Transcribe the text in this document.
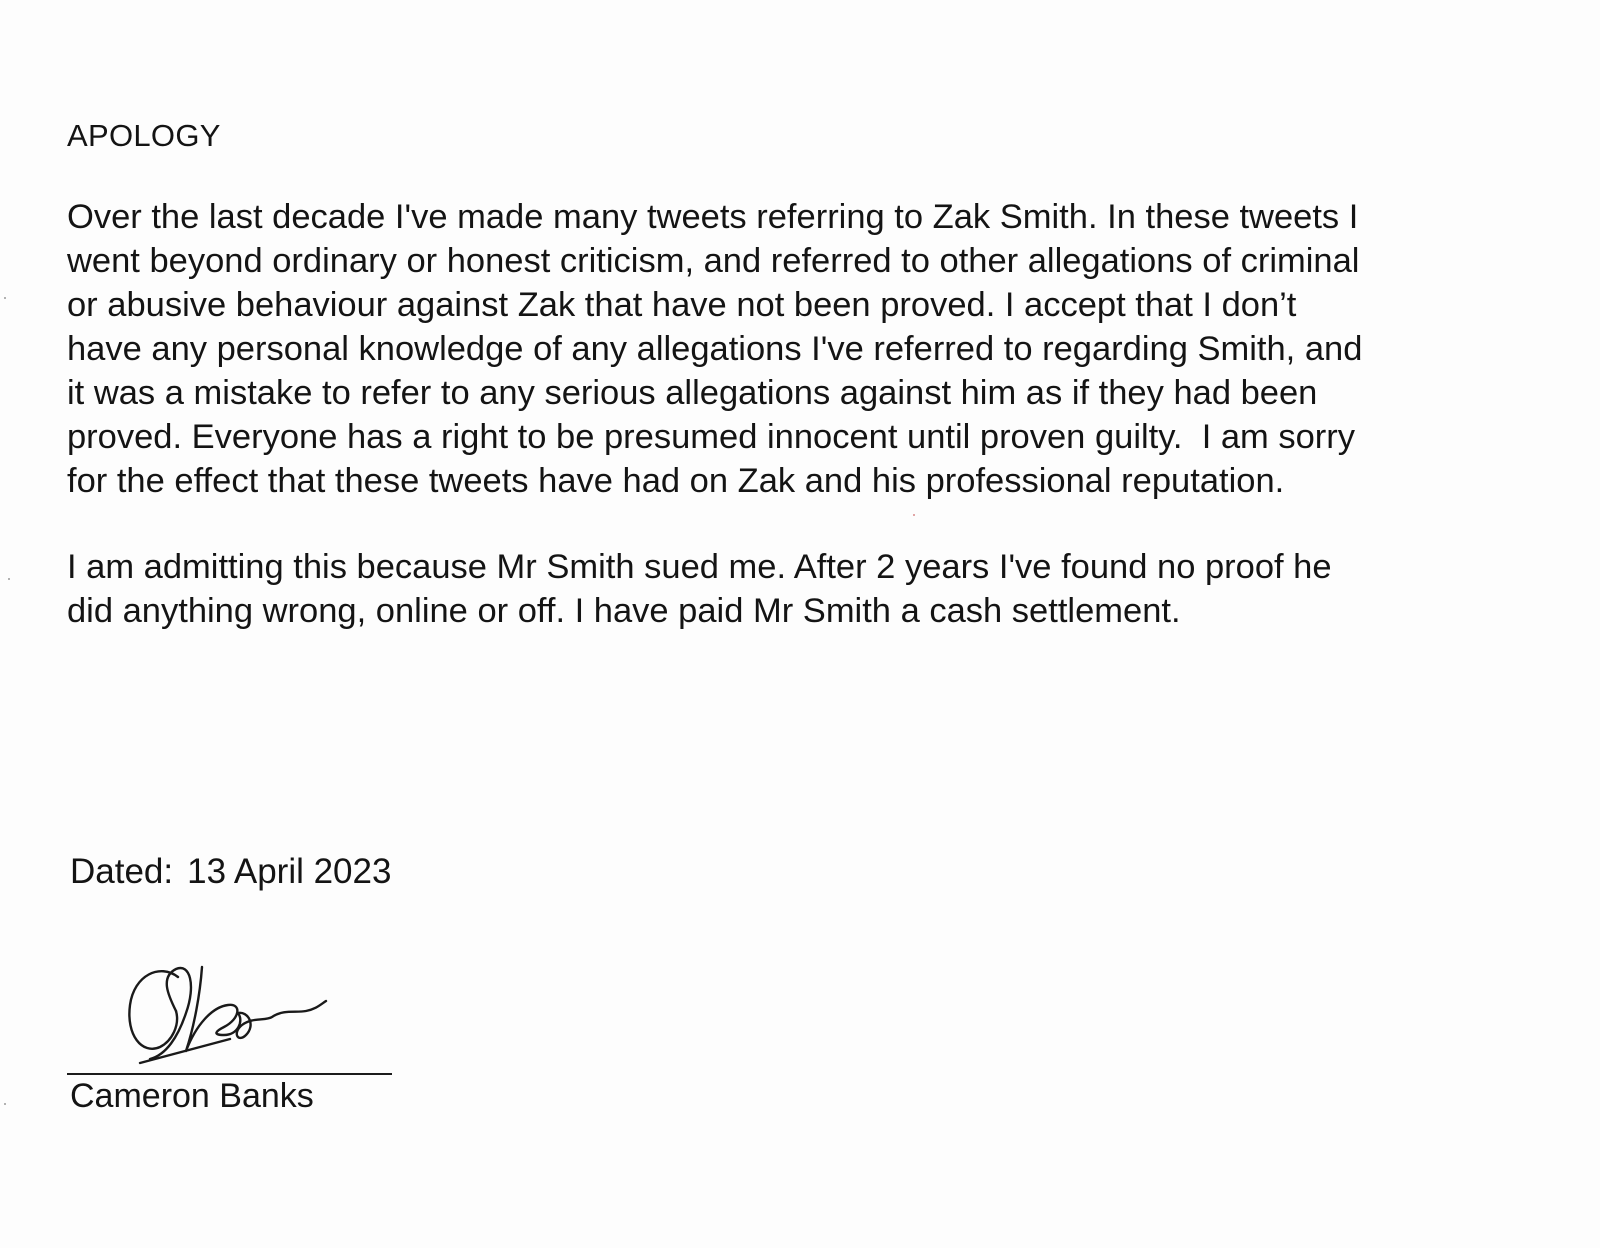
APOLOGY

Over the last decade I've made many tweets referring to Zak Smith. In these tweets I
went beyond ordinary or honest criticism, and referred to other allegations of criminal
or abusive behaviour against Zak that have not been proved. I accept that I don’t
have any personal knowledge of any allegations I've referred to regarding Smith, and
it was a mistake to refer to any serious allegations against him as if they had been
proved. Everyone has a right to be presumed innocent until proven guilty.  I am sorry
for the effect that these tweets have had on Zak and his professional reputation.

I am admitting this because Mr Smith sued me. After 2 years I've found no proof he
did anything wrong, online or off. I have paid Mr Smith a cash settlement.

Dated: 13 April 2023

Cameron Banks
